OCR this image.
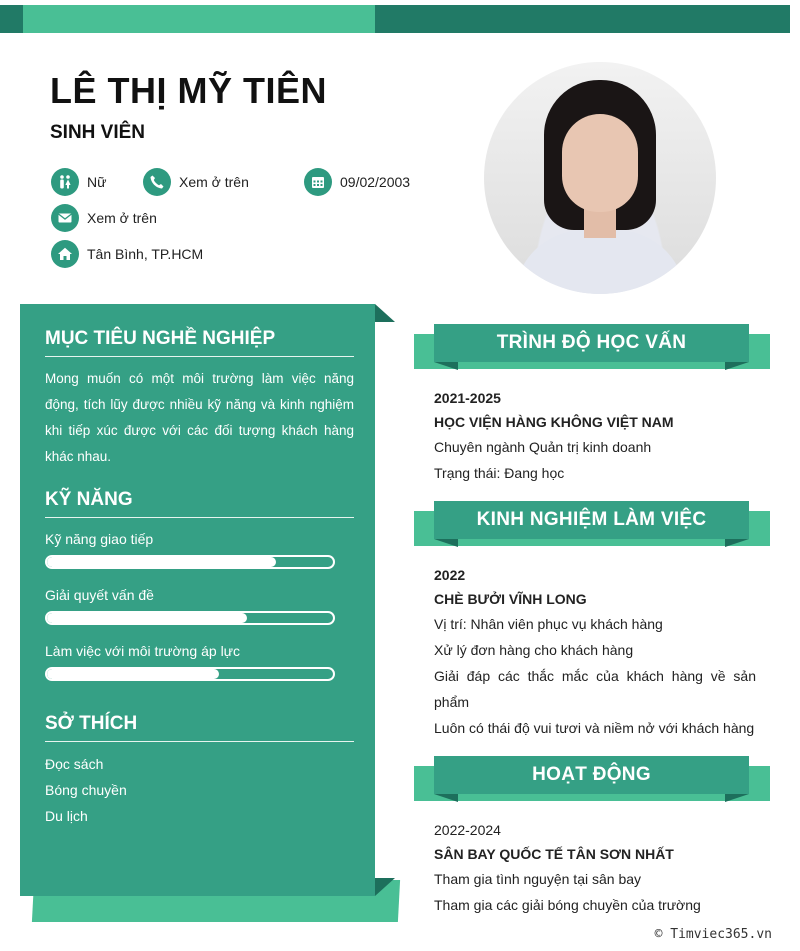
LÊ THỊ MỸ TIÊN
SINH VIÊN
Nữ	Xem ở trên	09/02/2003
Xem ở trên
Tân Bình, TP.HCM
MỤC TIÊU NGHỀ NGHIỆP
Mong muốn có một môi trường làm việc năng động, tích lũy được nhiều kỹ năng và kinh nghiệm khi tiếp xúc được với các đối tượng khách hàng khác nhau.
KỸ NĂNG
Kỹ năng giao tiếp
Giải quyết vấn đề
Làm việc với môi trường áp lực
SỞ THÍCH
Đọc sách
Bóng chuyền
Du lịch
TRÌNH ĐỘ HỌC VẤN
2021-2025
HỌC VIỆN HÀNG KHÔNG VIỆT NAM
Chuyên ngành Quản trị kinh doanh
Trạng thái: Đang học
KINH NGHIỆM LÀM VIỆC
2022
CHÈ BƯỞI VĨNH LONG
Vị trí: Nhân viên phục vụ khách hàng
Xử lý đơn hàng cho khách hàng
Giải đáp các thắc mắc của khách hàng về sản phẩm
Luôn có thái độ vui tươi và niềm nở với khách hàng
HOẠT ĐỘNG
2022-2024
SÂN BAY QUỐC TẾ TÂN SƠN NHẤT
Tham gia tình nguyện tại sân bay
Tham gia các giải bóng chuyền của trường
© Timviec365.vn
